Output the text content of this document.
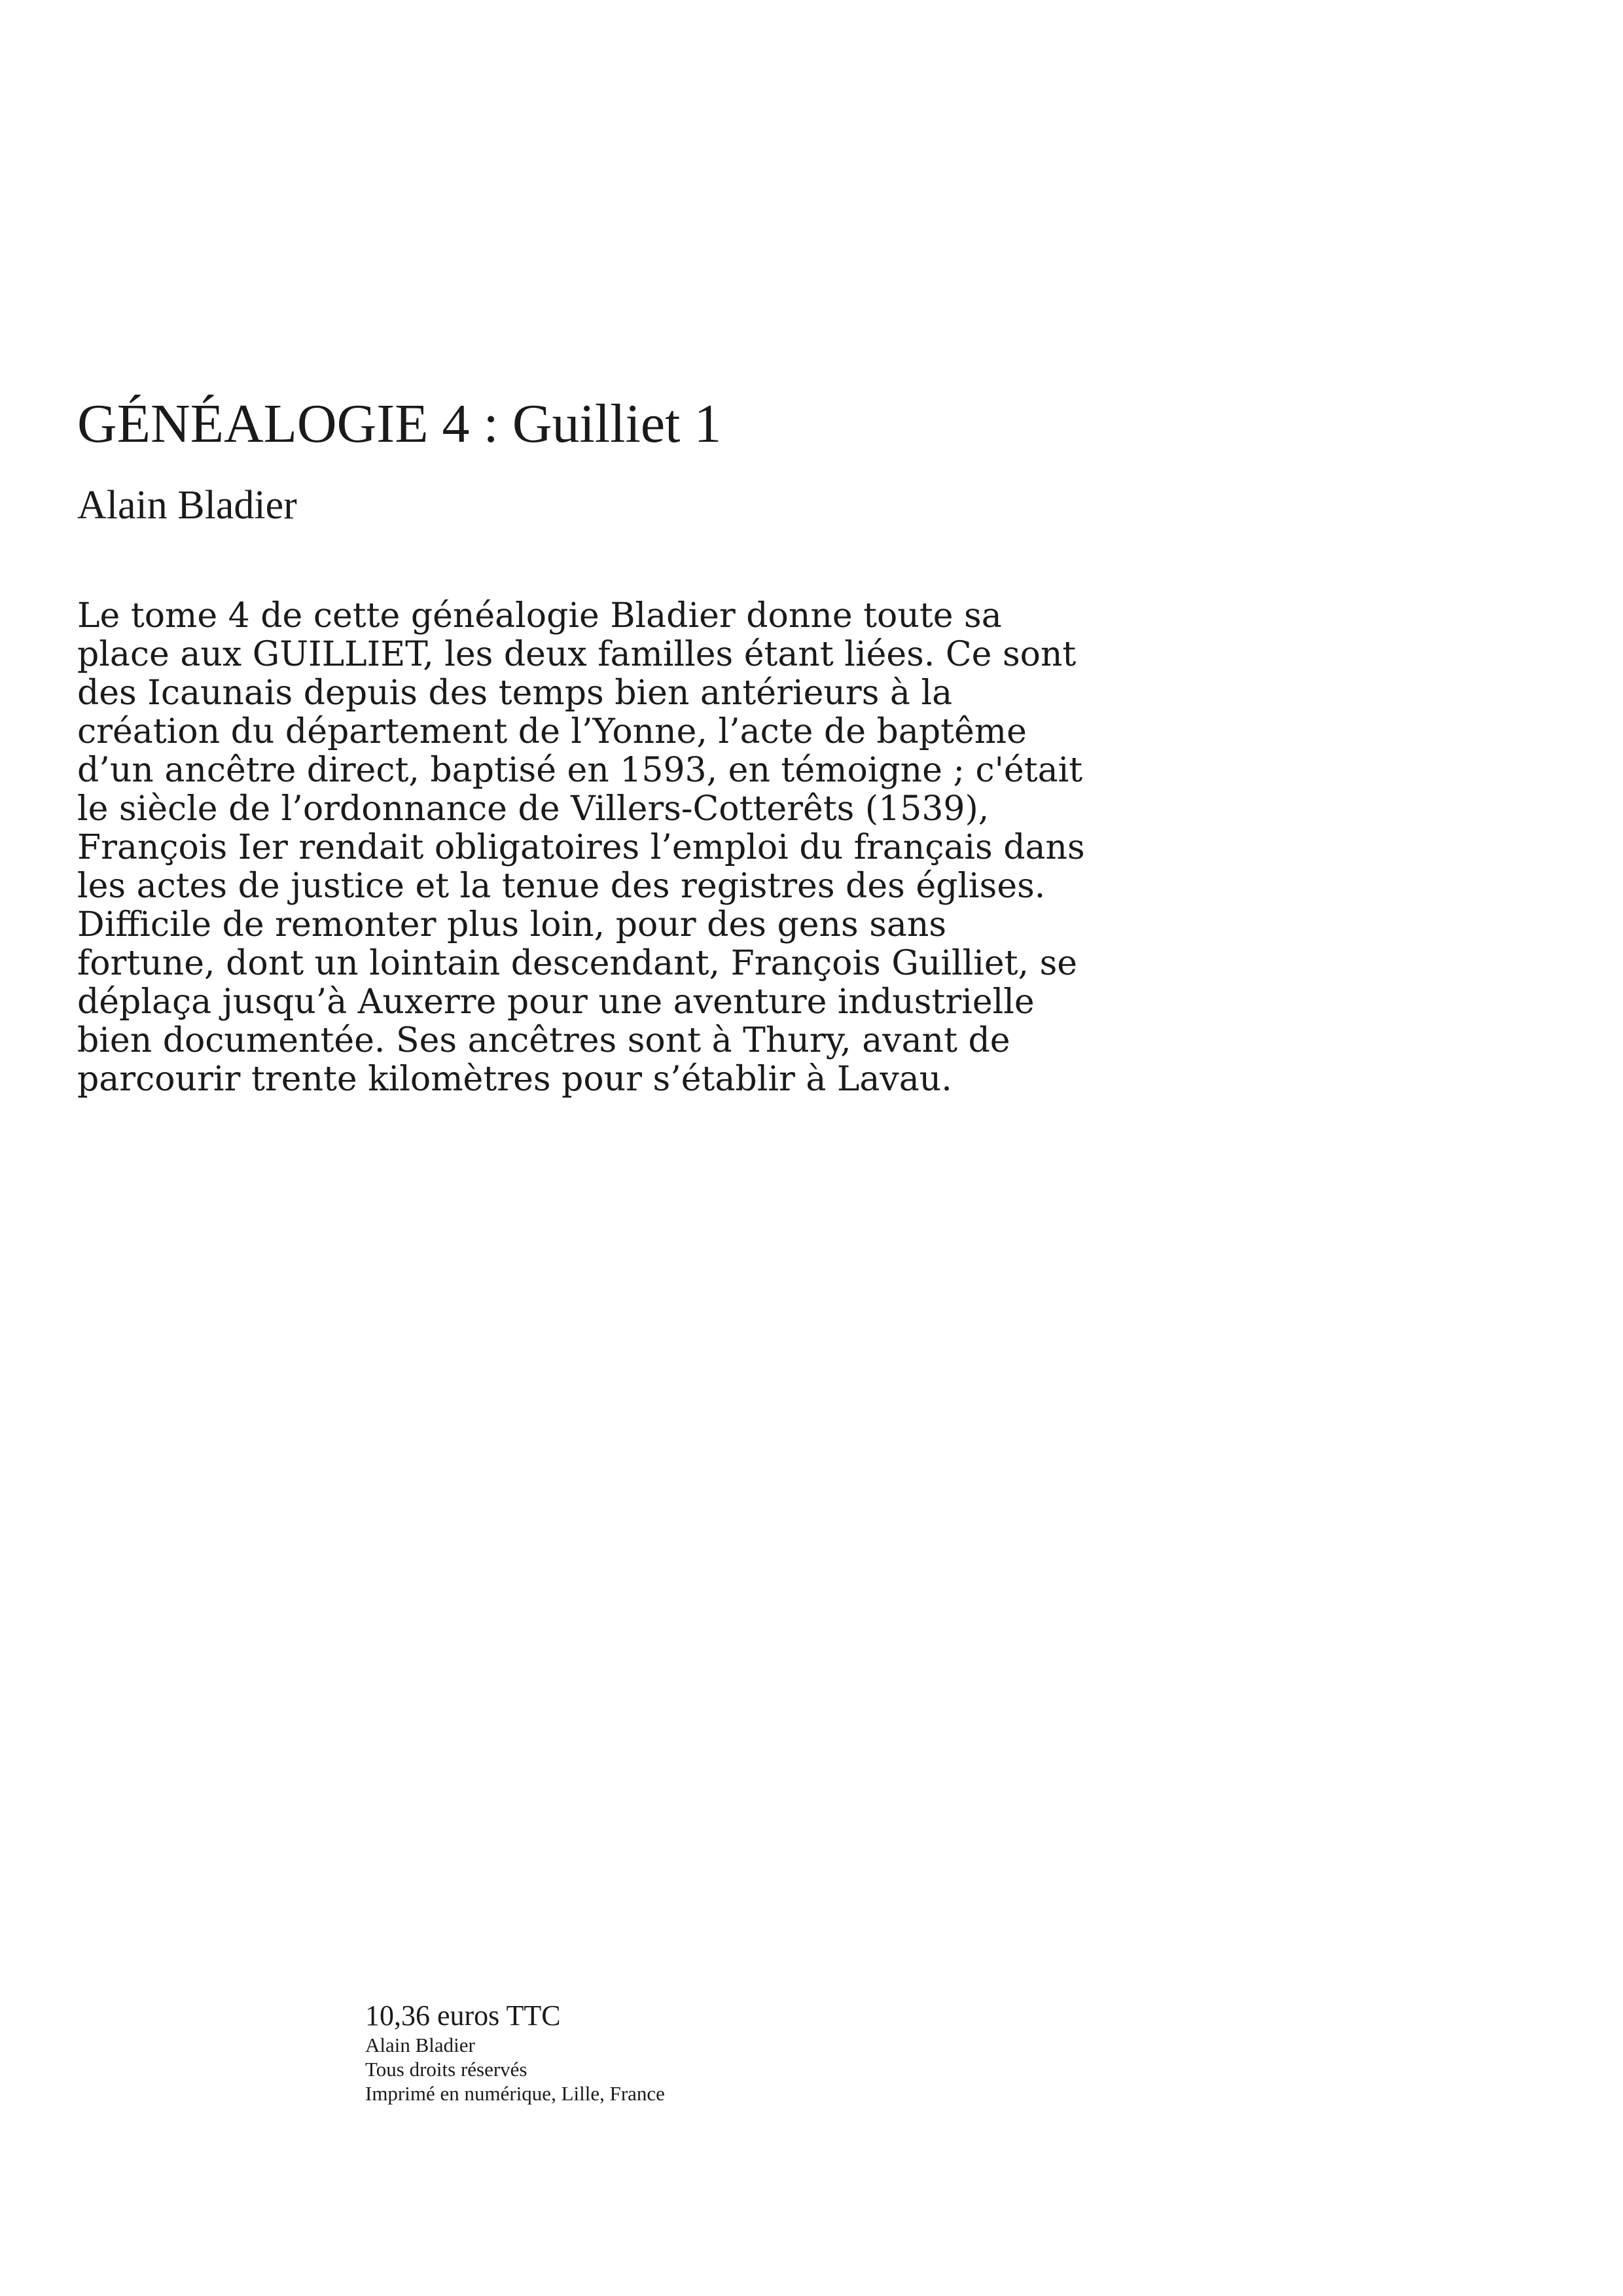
GÉNÉALOGIE 4 : Guilliet 1

Alain Bladier

Le tome 4 de cette généalogie Bladier donne toute sa
place aux GUILLIET, les deux familles étant liées. Ce sont
des Icaunais depuis des temps bien antérieurs à la
création du département de l’Yonne, l’acte de baptême
d’un ancêtre direct, baptisé en 1593, en témoigne ; c'était
le siècle de l’ordonnance de Villers-Cotterêts (1539),
François Ier rendait obligatoires l’emploi du français dans
les actes de justice et la tenue des registres des églises.
Difficile de remonter plus loin, pour des gens sans
fortune, dont un lointain descendant, François Guilliet, se
déplaça jusqu’à Auxerre pour une aventure industrielle
bien documentée. Ses ancêtres sont à Thury, avant de
parcourir trente kilomètres pour s’établir à Lavau.

10,36 euros TTC
Alain Bladier
Tous droits réservés
Imprimé en numérique, Lille, France
